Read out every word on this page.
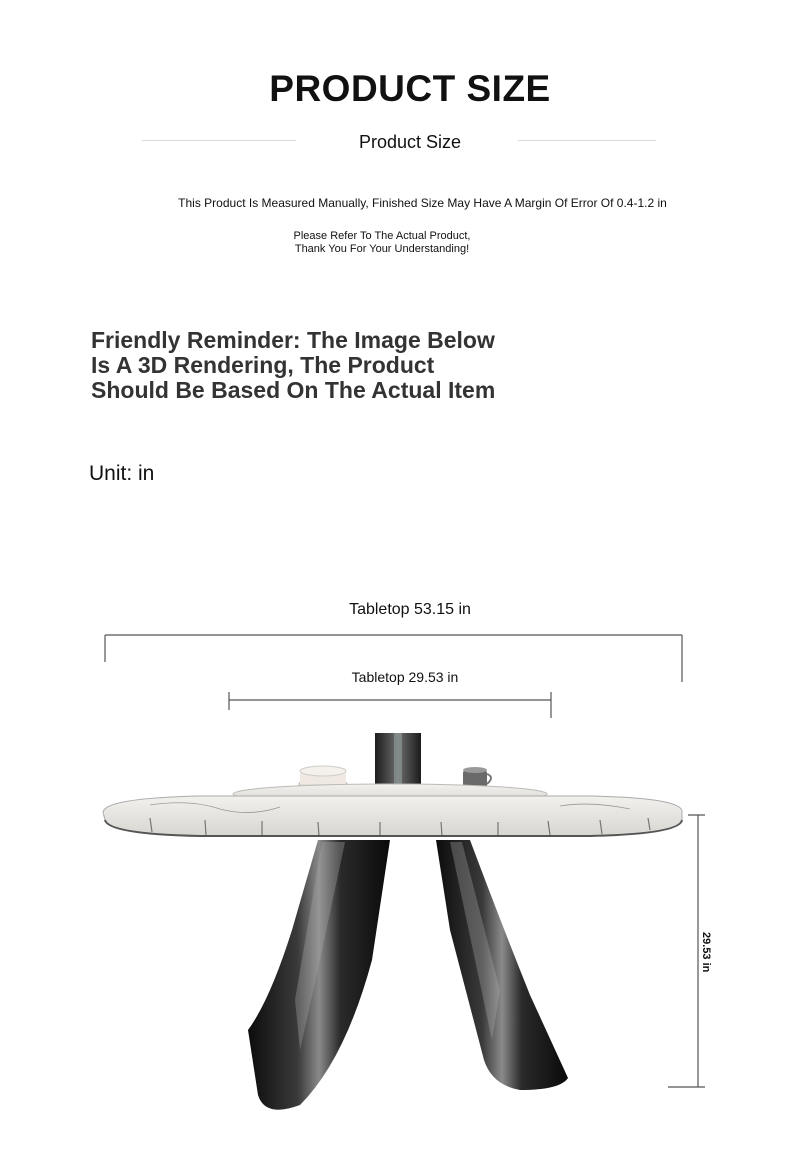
PRODUCT SIZE
Product Size
This Product Is Measured Manually, Finished Size May Have A Margin Of Error Of 0.4-1.2 in
Please Refer To The Actual Product,
Thank You For Your Understanding!
Friendly Reminder: The Image Below
Is A 3D Rendering, The Product
Should Be Based On The Actual Item
Unit: in
Tabletop 53.15 in
Tabletop 29.53 in
29.53 in
